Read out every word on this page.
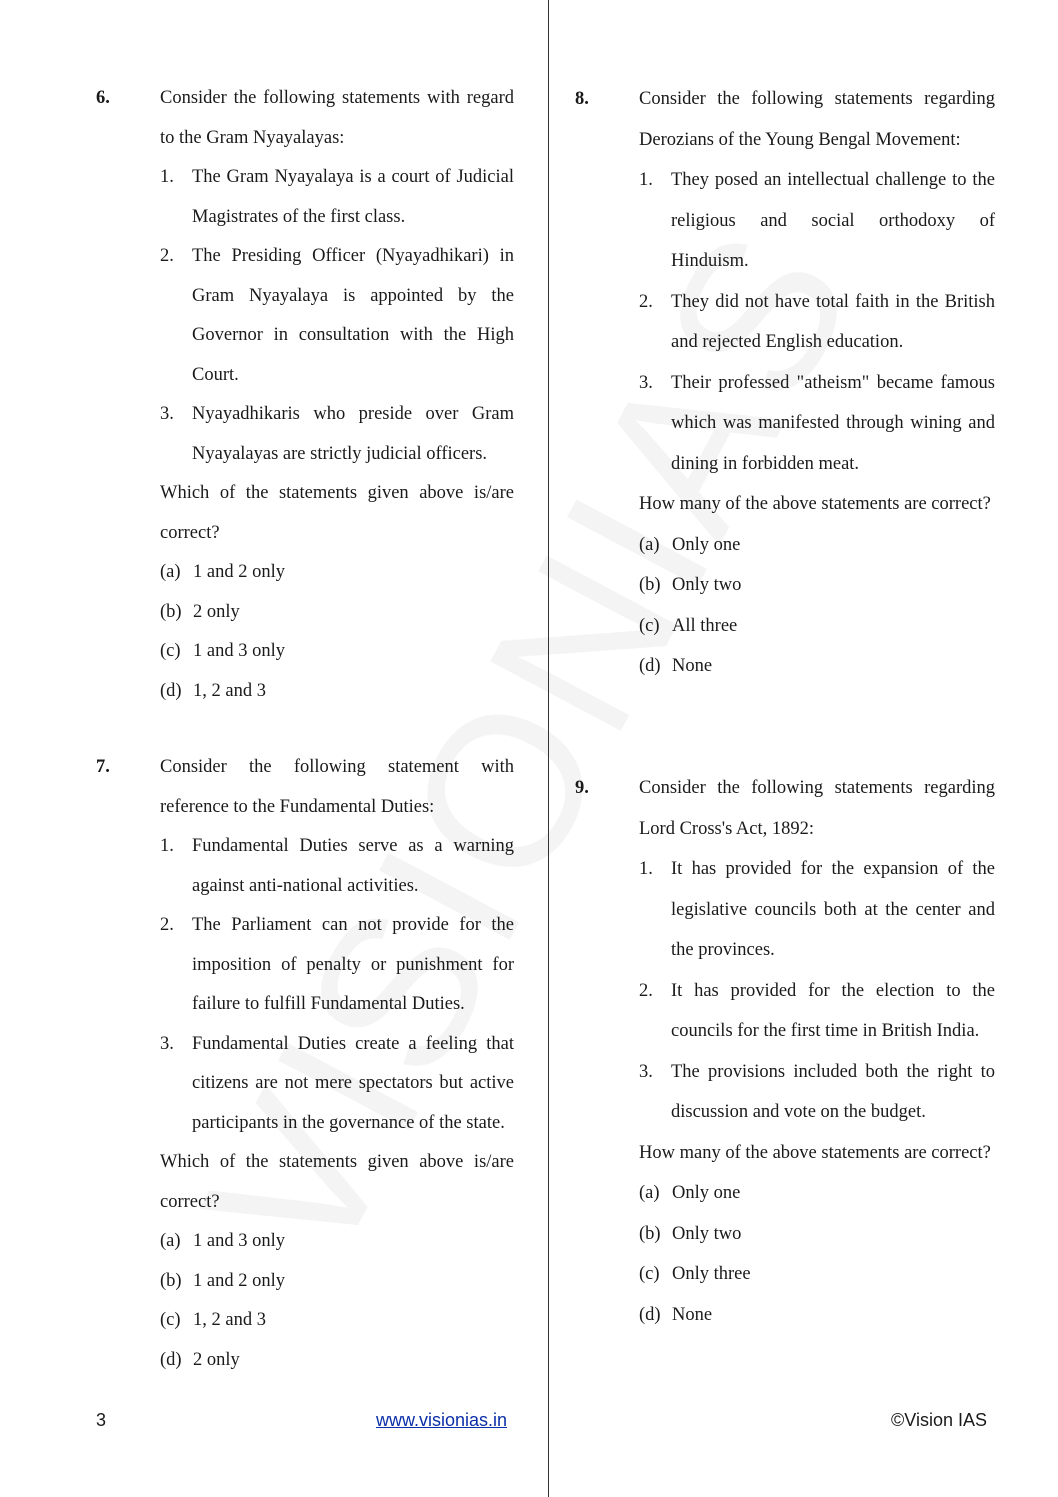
6.	Consider the following statements with regard to the Gram Nyayalayas:

1. The Gram Nyayalaya is a court of Judicial Magistrates of the first class.
2. The Presiding Officer (Nyayadhikari) in Gram Nyayalaya is appointed by the Governor in consultation with the High Court.
3. Nyayadhikaris who preside over Gram Nyayalayas are strictly judicial officers.

Which of the statements given above is/are correct?

(a) 1 and 2 only
(b) 2 only
(c) 1 and 3 only
(d) 1, 2 and 3
7.	Consider the following statement with reference to the Fundamental Duties:

1. Fundamental Duties serve as a warning against anti-national activities.
2. The Parliament can not provide for the imposition of penalty or punishment for failure to fulfill Fundamental Duties.
3. Fundamental Duties create a feeling that citizens are not mere spectators but active participants in the governance of the state.

Which of the statements given above is/are correct?

(a) 1 and 3 only
(b) 1 and 2 only
(c) 1, 2 and 3
(d) 2 only
8.	Consider the following statements regarding Derozians of the Young Bengal Movement:

1. They posed an intellectual challenge to the religious and social orthodoxy of Hinduism.
2. They did not have total faith in the British and rejected English education.
3. Their professed "atheism" became famous which was manifested through wining and dining in forbidden meat.

How many of the above statements are correct?

(a) Only one
(b) Only two
(c) All three
(d) None
9.	Consider the following statements regarding Lord Cross's Act, 1892:

1. It has provided for the expansion of the legislative councils both at the center and the provinces.
2. It has provided for the election to the councils for the first time in British India.
3. The provisions included both the right to discussion and vote on the budget.

How many of the above statements are correct?

(a) Only one
(b) Only two
(c) Only three
(d) None
3	www.visionias.in	©Vision IAS
